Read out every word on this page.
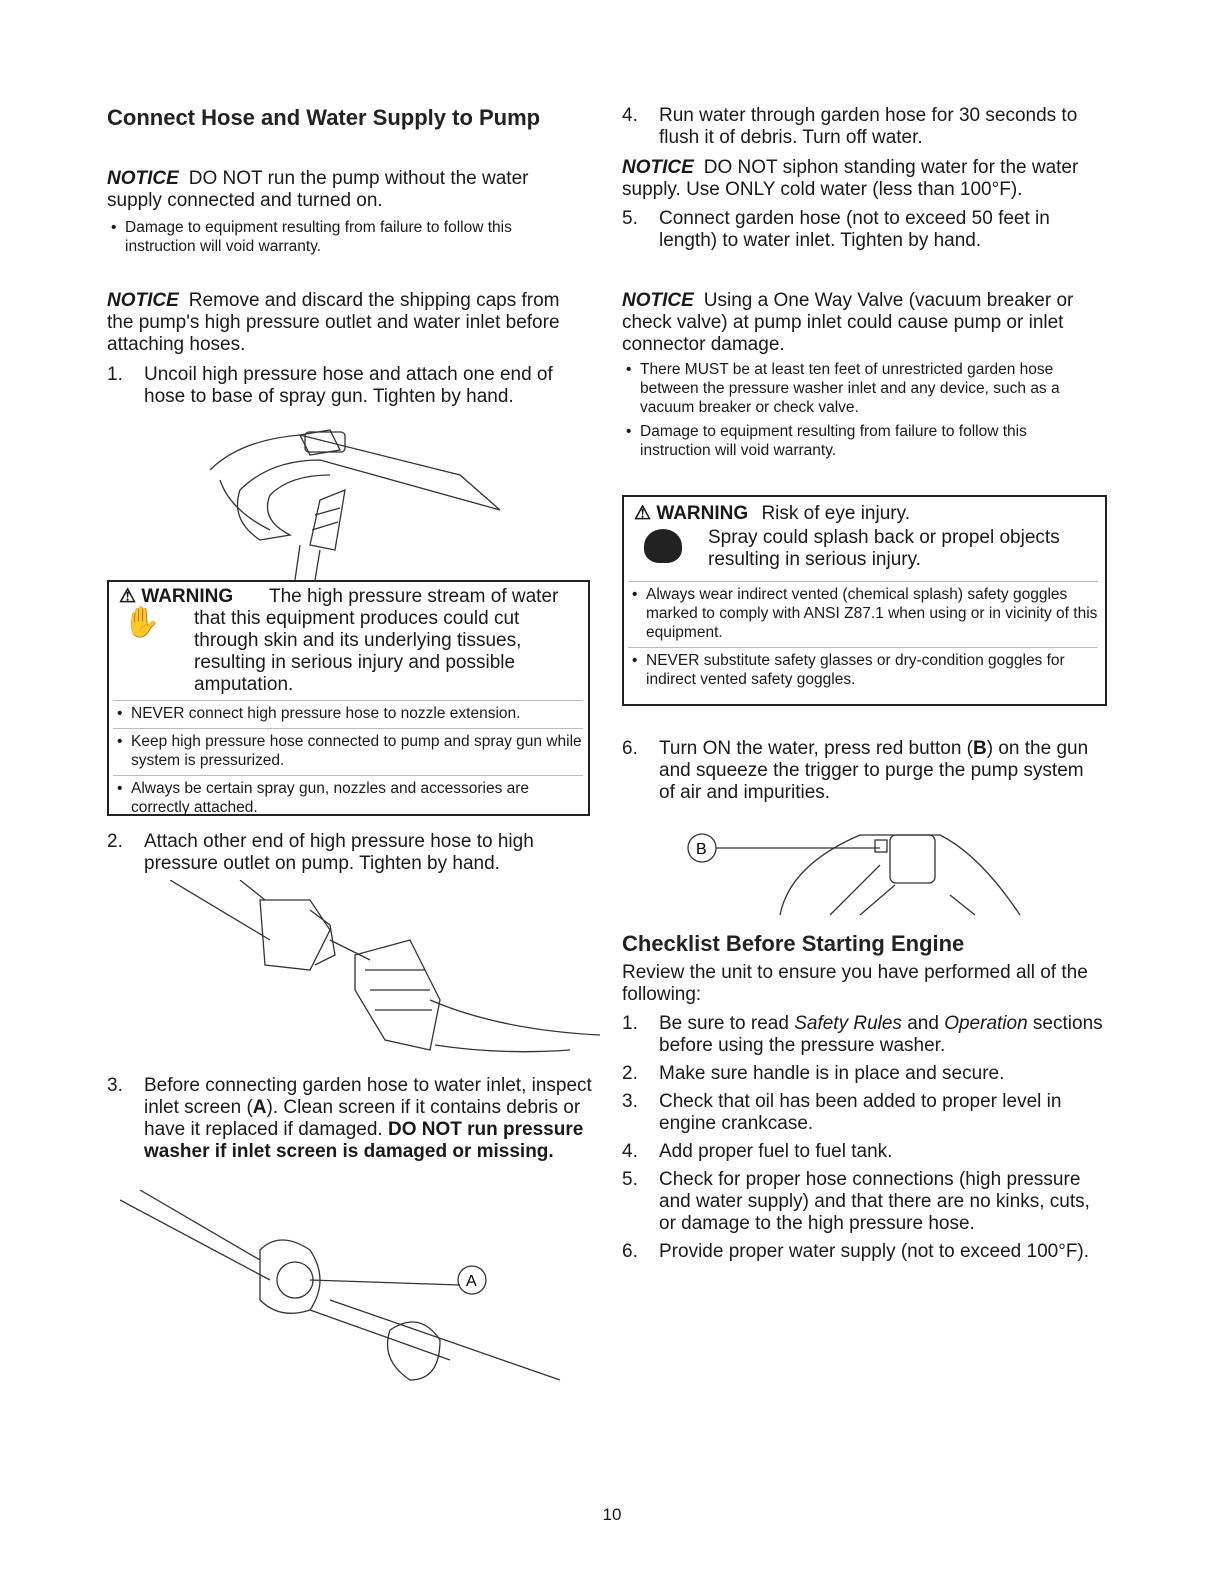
Connect Hose and Water Supply to Pump
NOTICE DO NOT run the pump without the water supply connected and turned on.
• Damage to equipment resulting from failure to follow this instruction will void warranty.
NOTICE Remove and discard the shipping caps from the pump's high pressure outlet and water inlet before attaching hoses.
1. Uncoil high pressure hose and attach one end of hose to base of spray gun. Tighten by hand.
⚠ WARNING
✋
The high pressure stream of water that this equipment produces could cut through skin and its underlying tissues, resulting in serious injury and possible amputation.
• NEVER connect high pressure hose to nozzle extension.
• Keep high pressure hose connected to pump and spray gun while system is pressurized.
• Always be certain spray gun, nozzles and accessories are correctly attached.
2. Attach other end of high pressure hose to high pressure outlet on pump. Tighten by hand.
3. Before connecting garden hose to water inlet, inspect inlet screen (A). Clean screen if it contains debris or have it replaced if damaged. DO NOT run pressure washer if inlet screen is damaged or missing.
A
4. Run water through garden hose for 30 seconds to flush it of debris. Turn off water.
NOTICE DO NOT siphon standing water for the water supply. Use ONLY cold water (less than 100°F).
5. Connect garden hose (not to exceed 50 feet in length) to water inlet. Tighten by hand.
NOTICE Using a One Way Valve (vacuum breaker or check valve) at pump inlet could cause pump or inlet connector damage.
• There MUST be at least ten feet of unrestricted garden hose between the pressure washer inlet and any device, such as a vacuum breaker or check valve.
• Damage to equipment resulting from failure to follow this instruction will void warranty.
⚠ WARNING Risk of eye injury.
Spray could splash back or propel objects resulting in serious injury.
• Always wear indirect vented (chemical splash) safety goggles marked to comply with ANSI Z87.1 when using or in vicinity of this equipment.
• NEVER substitute safety glasses or dry-condition goggles for indirect vented safety goggles.
6. Turn ON the water, press red button (B) on the gun and squeeze the trigger to purge the pump system of air and impurities.
B
Checklist Before Starting Engine
Review the unit to ensure you have performed all of the following:
1. Be sure to read Safety Rules and Operation sections before using the pressure washer.
2. Make sure handle is in place and secure.
3. Check that oil has been added to proper level in engine crankcase.
4. Add proper fuel to fuel tank.
5. Check for proper hose connections (high pressure and water supply) and that there are no kinks, cuts, or damage to the high pressure hose.
6. Provide proper water supply (not to exceed 100°F).
10
